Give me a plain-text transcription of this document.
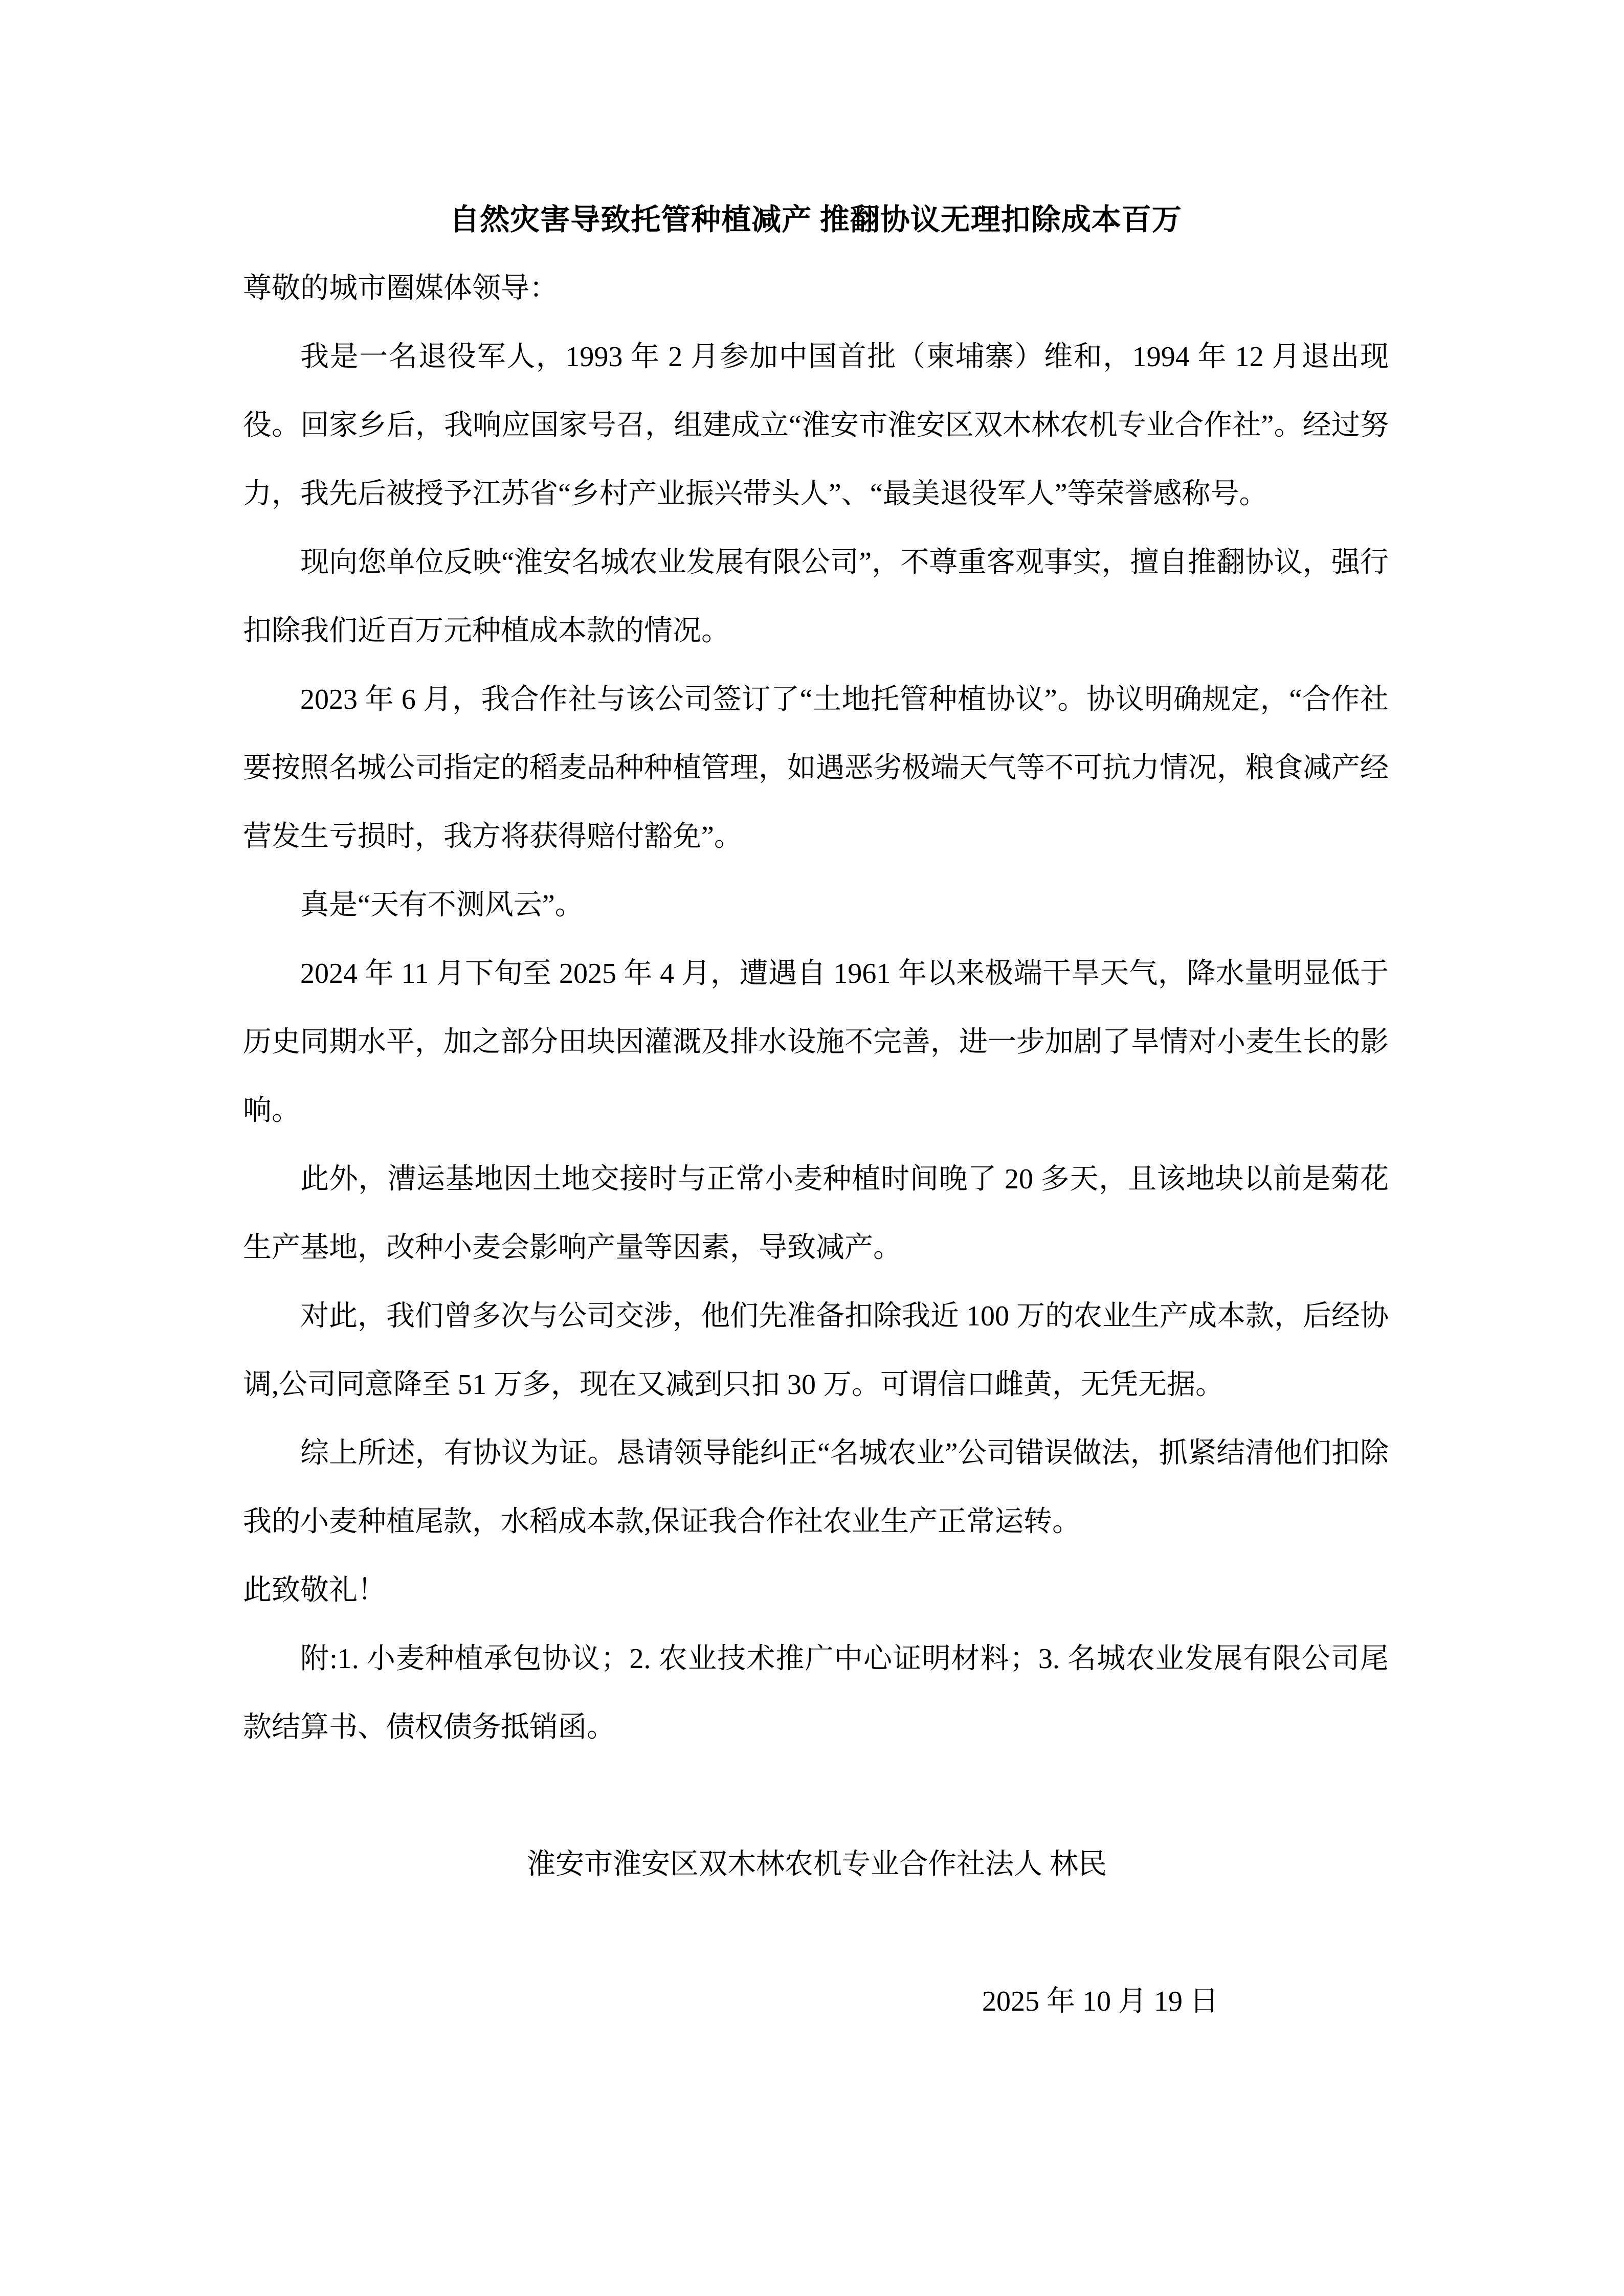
自然灾害导致托管种植减产 推翻协议无理扣除成本百万

尊敬的城市圈媒体领导：

我是一名退役军人，1993 年 2 月参加中国首批（柬埔寨）维和，1994 年 12 月退出现役。回家乡后，我响应国家号召，组建成立“淮安市淮安区双木林农机专业合作社”。经过努力，我先后被授予江苏省“乡村产业振兴带头人”、“最美退役军人”等荣誉感称号。

现向您单位反映“淮安名城农业发展有限公司”，不尊重客观事实，擅自推翻协议，强行扣除我们近百万元种植成本款的情况。

2023 年 6 月，我合作社与该公司签订了“土地托管种植协议”。协议明确规定，“合作社要按照名城公司指定的稻麦品种种植管理，如遇恶劣极端天气等不可抗力情况，粮食减产经营发生亏损时，我方将获得赔付豁免”。

真是“天有不测风云”。

2024 年 11 月下旬至 2025 年 4 月，遭遇自 1961 年以来极端干旱天气，降水量明显低于历史同期水平，加之部分田块因灌溉及排水设施不完善，进一步加剧了旱情对小麦生长的影响。

此外，漕运基地因土地交接时与正常小麦种植时间晚了 20 多天，且该地块以前是菊花生产基地，改种小麦会影响产量等因素，导致减产。

对此，我们曾多次与公司交涉，他们先准备扣除我近 100 万的农业生产成本款，后经协调,公司同意降至 51 万多，现在又减到只扣 30 万。可谓信口雌黄，无凭无据。

综上所述，有协议为证。恳请领导能纠正“名城农业”公司错误做法，抓紧结清他们扣除我的小麦种植尾款，水稻成本款,保证我合作社农业生产正常运转。

此致敬礼！

附:1. 小麦种植承包协议；2. 农业技术推广中心证明材料；3. 名城农业发展有限公司尾款结算书、债权债务抵销函。

淮安市淮安区双木林农机专业合作社法人 林民

2025 年 10 月 19 日
